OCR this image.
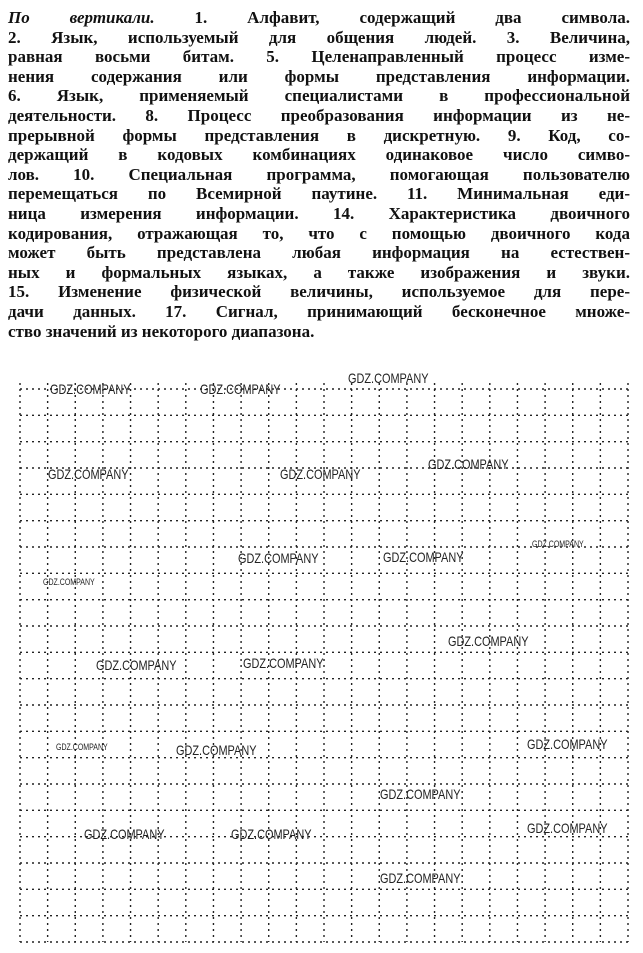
По вертикали. 1. Алфавит, содержащий два символа.
2. Язык, используемый для общения людей. 3. Величина,
равная восьми битам. 5. Целенаправленный процесс изме-
нения содержания или формы представления информации.
6. Язык, применяемый специалистами в профессиональной
деятельности. 8. Процесс преобразования информации из не-
прерывной формы представления в дискретную. 9. Код, со-
держащий в кодовых комбинациях одинаковое число симво-
лов. 10. Специальная программа, помогающая пользователю
перемещаться по Всемирной паутине. 11. Минимальная еди-
ница измерения информации. 14. Характеристика двоичного
кодирования, отражающая то, что с помощью двоичного кода
может быть представлена любая информация на естествен-
ных и формальных языках, а также изображения и звуки.
15. Изменение физической величины, используемое для пере-
дачи данных. 17. Сигнал, принимающий бесконечное множе-
ство значений из некоторого диапазона.
GDZ.COMPANY	GDZ.COMPANY
GDZ.COMPANY
GDZ.COMPANY	GDZ.COMPANY
GDZ.COMPANY
GDZ.COMPANY
GDZ.COMPANY	GDZ.COMPANY
GDZ.COMPANY
GDZ.COMPANY
GDZ.COMPANY	GDZ.COMPANY
GDZ.COMPANY
GDZ.COMPANY	GDZ.COMPANY
GDZ.COMPANY
GDZ.COMPANY	GDZ.COMPANY	GDZ.COMPANY
GDZ.COMPANY
